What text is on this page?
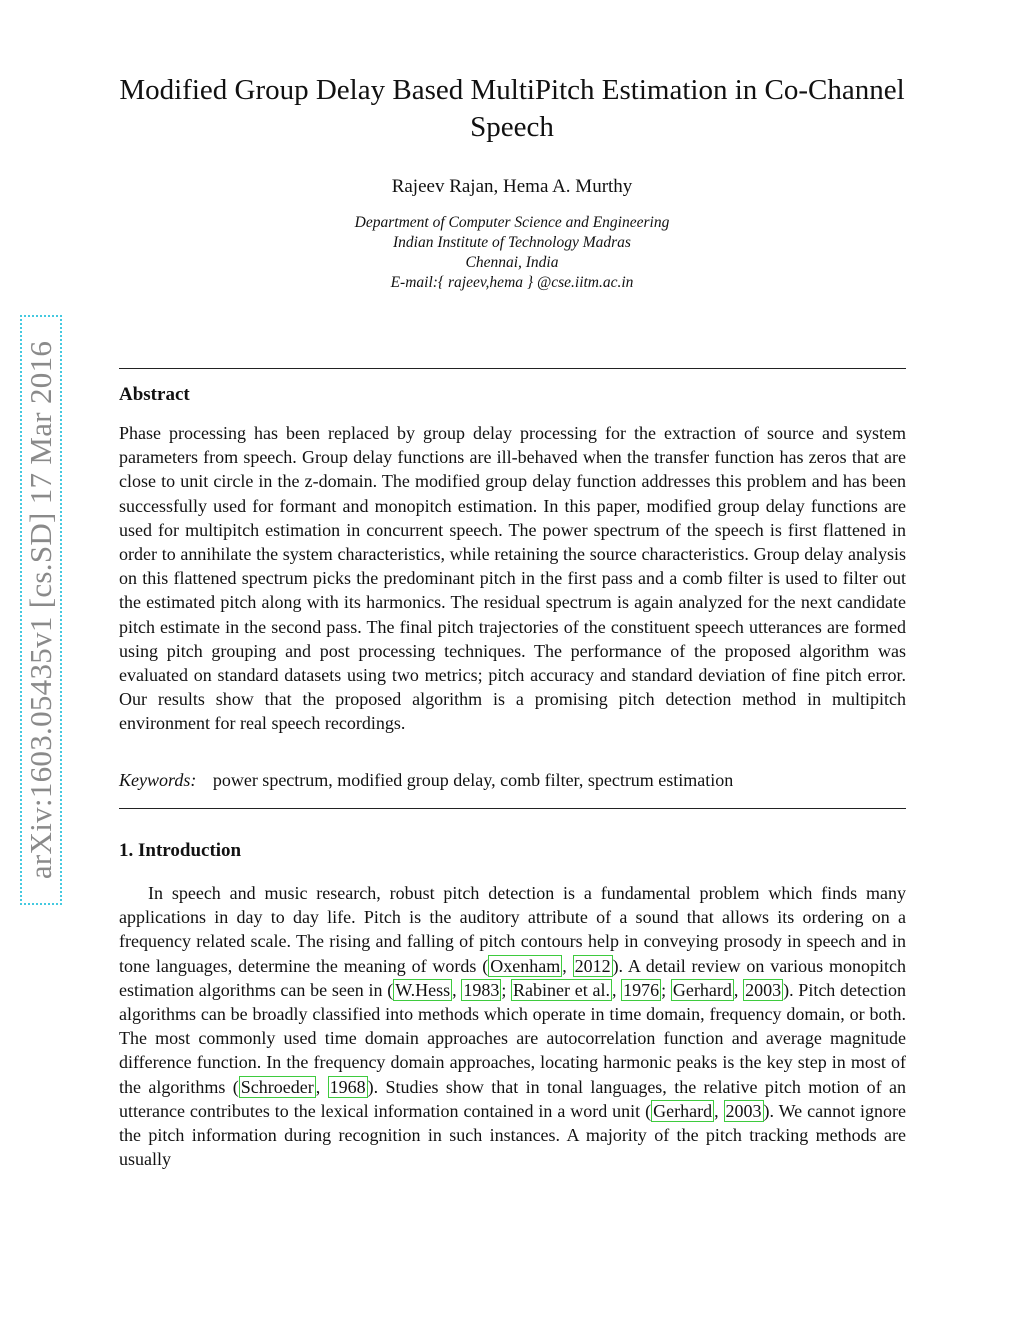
arXiv:1603.05435v1 [cs.SD] 17 Mar 2016
Modified Group Delay Based MultiPitch Estimation in Co-Channel Speech
Rajeev Rajan, Hema A. Murthy
Department of Computer Science and Engineering
Indian Institute of Technology Madras
Chennai, India
E-mail:{ rajeev,hema } @cse.iitm.ac.in
Abstract

Phase processing has been replaced by group delay processing for the extraction of source and system parameters from speech. Group delay functions are ill-behaved when the transfer function has zeros that are close to unit circle in the z-domain. The modified group delay function addresses this problem and has been successfully used for formant and monopitch estimation. In this paper, modified group delay functions are used for multipitch estimation in concurrent speech. The power spectrum of the speech is first flattened in order to annihilate the system characteristics, while retaining the source characteristics. Group delay analysis on this flattened spectrum picks the predominant pitch in the first pass and a comb filter is used to filter out the estimated pitch along with its harmonics. The residual spectrum is again analyzed for the next candidate pitch estimate in the second pass. The final pitch trajectories of the constituent speech utterances are formed using pitch grouping and post processing techniques. The performance of the proposed algorithm was evaluated on standard datasets using two metrics; pitch accuracy and standard deviation of fine pitch error. Our results show that the proposed algorithm is a promising pitch detection method in multipitch environment for real speech recordings.

Keywords: power spectrum, modified group delay, comb filter, spectrum estimation
1. Introduction

In speech and music research, robust pitch detection is a fundamental problem which finds many applications in day to day life. Pitch is the auditory attribute of a sound that allows its ordering on a frequency related scale. The rising and falling of pitch contours help in conveying prosody in speech and in tone languages, determine the meaning of words ( Oxenham , 2012 ). A detail review on various monopitch estimation algorithms can be seen in ( W.Hess , 1983 ; Rabiner et al. , 1976 ; Gerhard , 2003 ). Pitch detection algorithms can be broadly classified into methods which operate in time domain, frequency domain, or both. The most commonly used time domain approaches are autocorrelation function and average magnitude difference function. In the frequency domain approaches, locating harmonic peaks is the key step in most of the algorithms ( Schroeder , 1968 ). Studies show that in tonal languages, the relative pitch motion of an utterance contributes to the lexical information contained in a word unit ( Gerhard , 2003 ). We cannot ignore the pitch information during recognition in such instances. A majority of the pitch tracking methods are usually
